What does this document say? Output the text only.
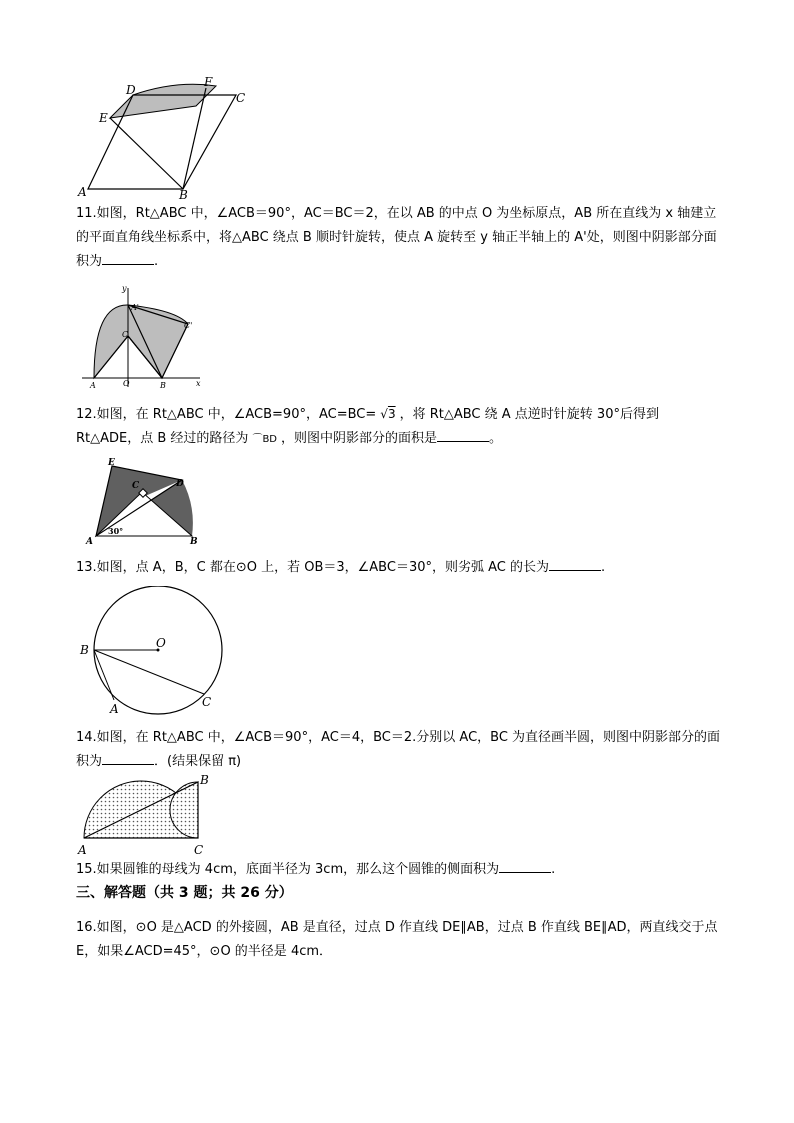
D
F
C
E
A	B

11.如图，Rt△ABC 中，∠ACB＝90°，AC＝BC＝2，在以 AB 的中点 O 为坐标原点，AB 所在直线为 x 轴建立的平面直角线坐标系中，将△ABC 绕点 B 顺时针旋转，使点 A 旋转至 y 轴正半轴上的 A'处，则图中阴影部分面积为	.

y
A'
C'
C
A	O	B	x

12.如图，在 Rt△ABC 中，∠ACB=90°，AC=BC= √3 ，将 Rt△ABC 绕 A 点逆时针旋转 30°后得到 Rt△ADE，点 B 经过的路径为 ⌒BD ，则图中阴影部分的面积是	。

E
C	D
A	B
30°

13.如图，点 A，B，C 都在⊙O 上，若 OB＝3，∠ABC＝30°，则劣弧 AC 的长为	.

B	O
A	C

14.如图，在 Rt△ABC 中，∠ACB＝90°，AC＝4，BC＝2.分别以 AC，BC 为直径画半圆，则图中阴影部分的面积为	．(结果保留 π)

B
A	C

15.如果圆锥的母线为 4cm，底面半径为 3cm，那么这个圆锥的侧面积为	.

三、解答题（共 3 题；共 26 分）

16.如图，⊙O 是△ACD 的外接圆，AB 是直径，过点 D 作直线 DE∥AB，过点 B 作直线 BE∥AD，两直线交于点 E，如果∠ACD=45°，⊙O 的半径是 4cm．
